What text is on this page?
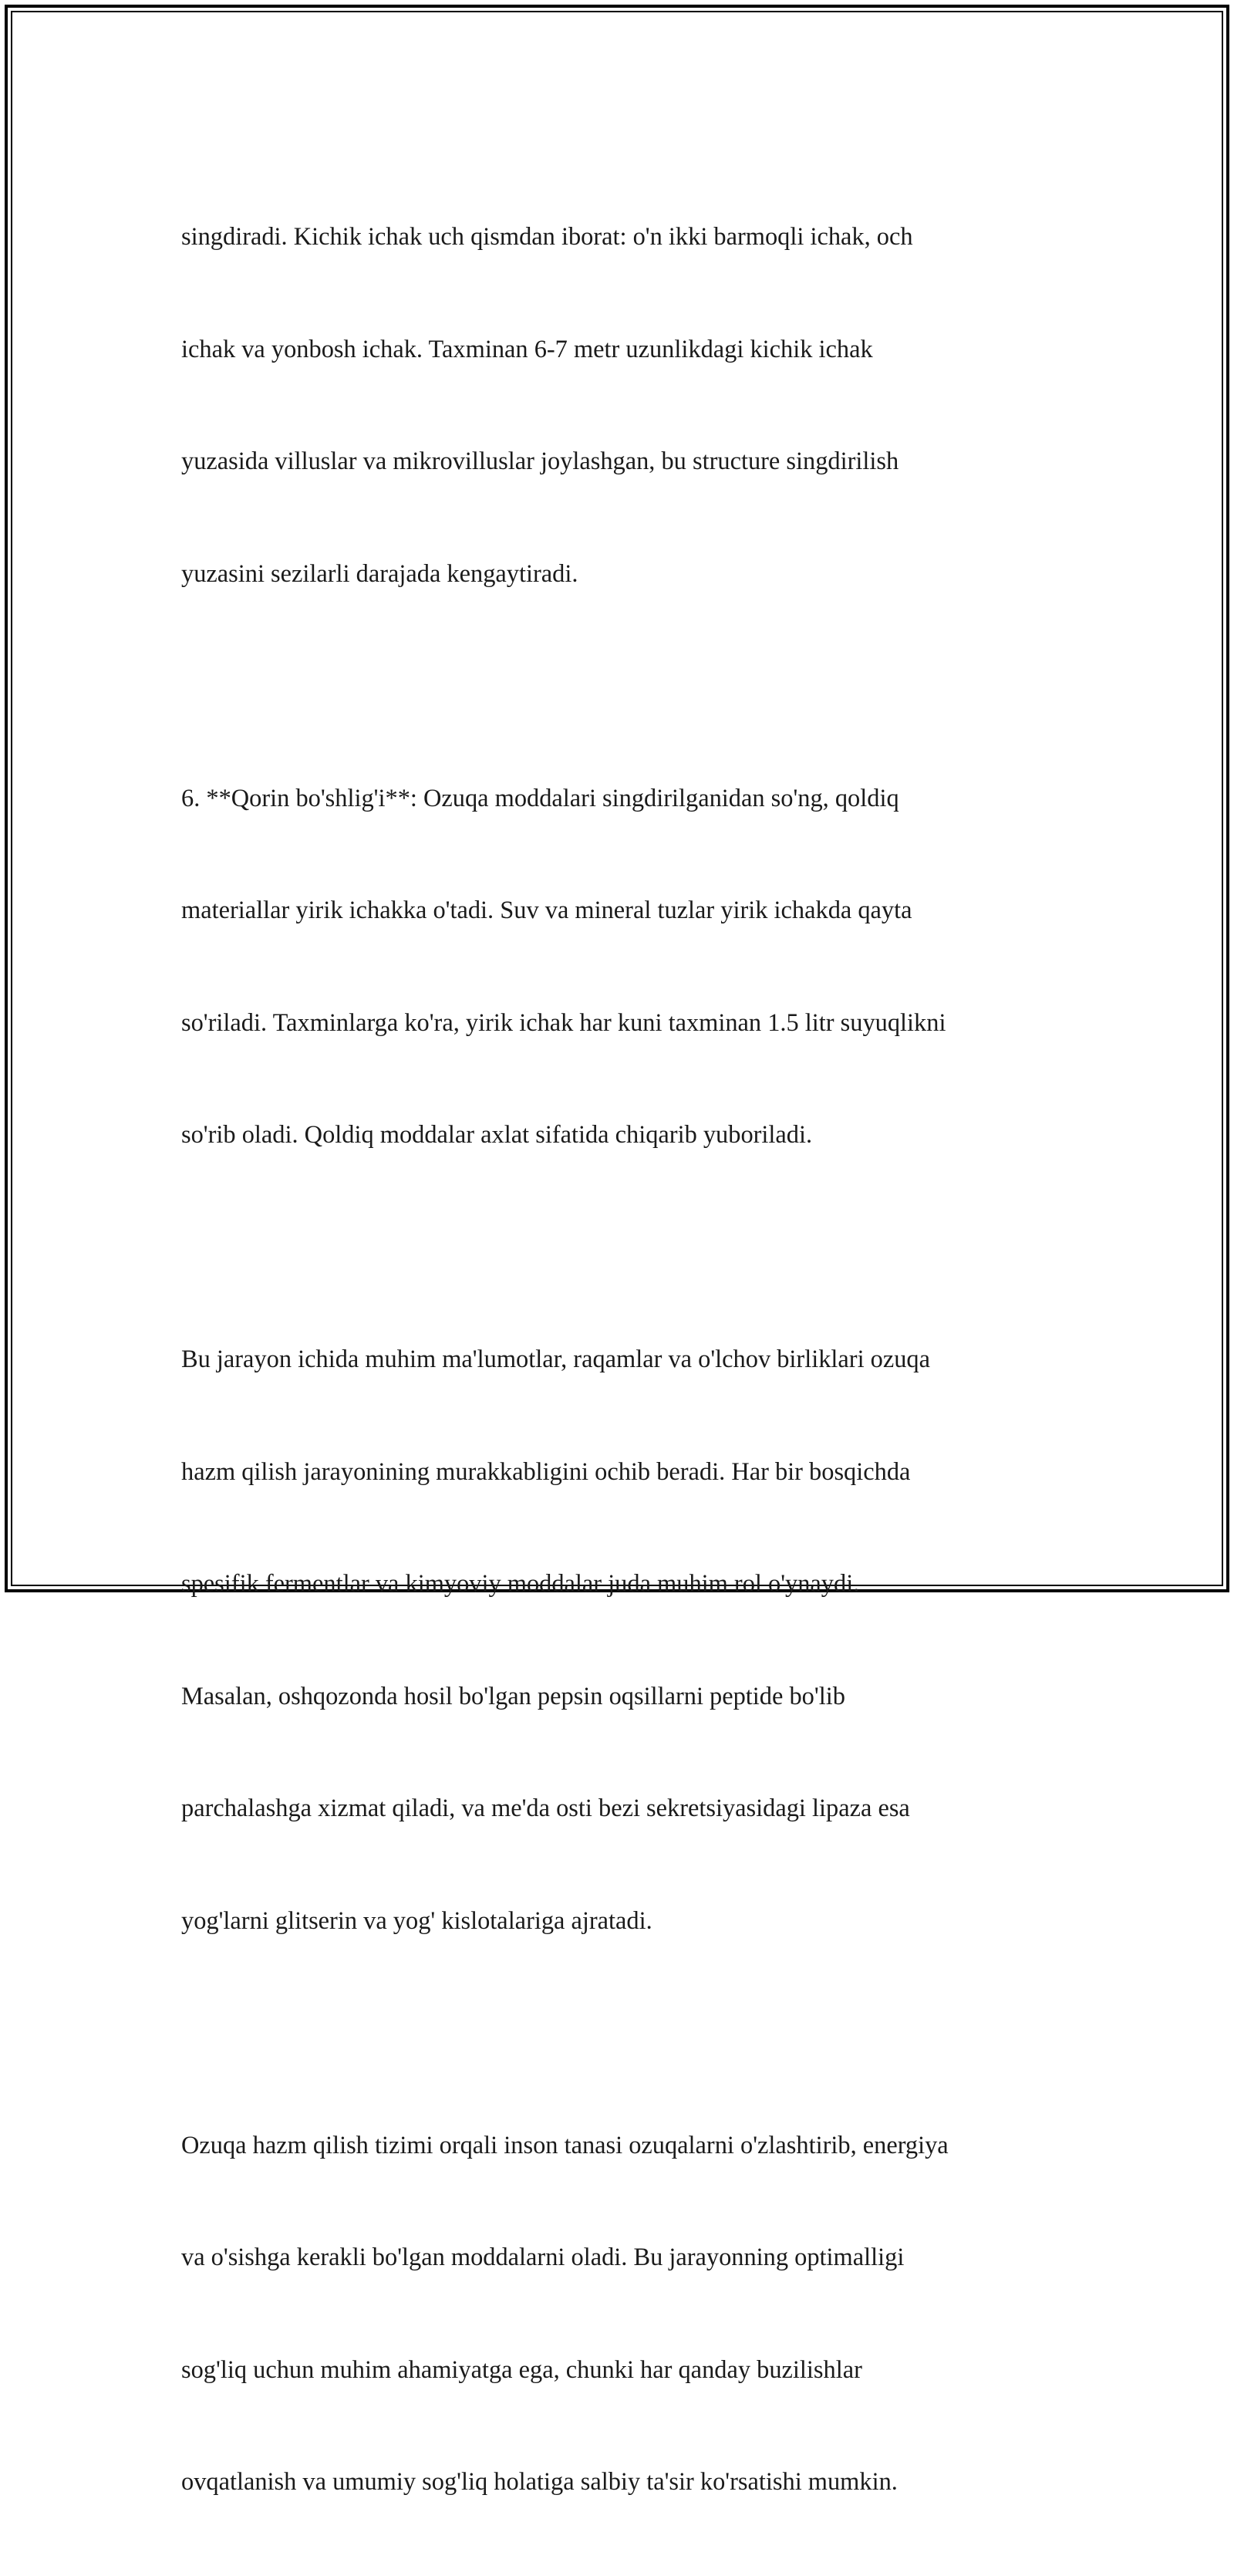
singdiradi. Kichik ichak uch qismdan iborat: o'n ikki barmoqli ichak, och

ichak va yonbosh ichak. Taxminan 6-7 metr uzunlikdagi kichik ichak

yuzasida villuslar va mikrovilluslar joylashgan, bu structure singdirilish

yuzasini sezilarli darajada kengaytiradi.

6. **Qorin bo'shlig'i**: Ozuqa moddalari singdirilganidan so'ng, qoldiq

materiallar yirik ichakka o'tadi. Suv va mineral tuzlar yirik ichakda qayta

so'riladi. Taxminlarga ko'ra, yirik ichak har kuni taxminan 1.5 litr suyuqlikni

so'rib oladi. Qoldiq moddalar axlat sifatida chiqarib yuboriladi.

Bu jarayon ichida muhim ma'lumotlar, raqamlar va o'lchov birliklari ozuqa

hazm qilish jarayonining murakkabligini ochib beradi. Har bir bosqichda

spesifik fermentlar va kimyoviy moddalar juda muhim rol o'ynaydi.

Masalan, oshqozonda hosil bo'lgan pepsin oqsillarni peptide bo'lib

parchalashga xizmat qiladi, va me'da osti bezi sekretsiyasidagi lipaza esa

yog'larni glitserin va yog' kislotalariga ajratadi.

Ozuqa hazm qilish tizimi orqali inson tanasi ozuqalarni o'zlashtirib, energiya

va o'sishga kerakli bo'lgan moddalarni oladi. Bu jarayonning optimalligi

sog'liq uchun muhim ahamiyatga ega, chunki har qanday buzilishlar

ovqatlanish va umumiy sog'liq holatiga salbiy ta'sir ko'rsatishi mumkin.
